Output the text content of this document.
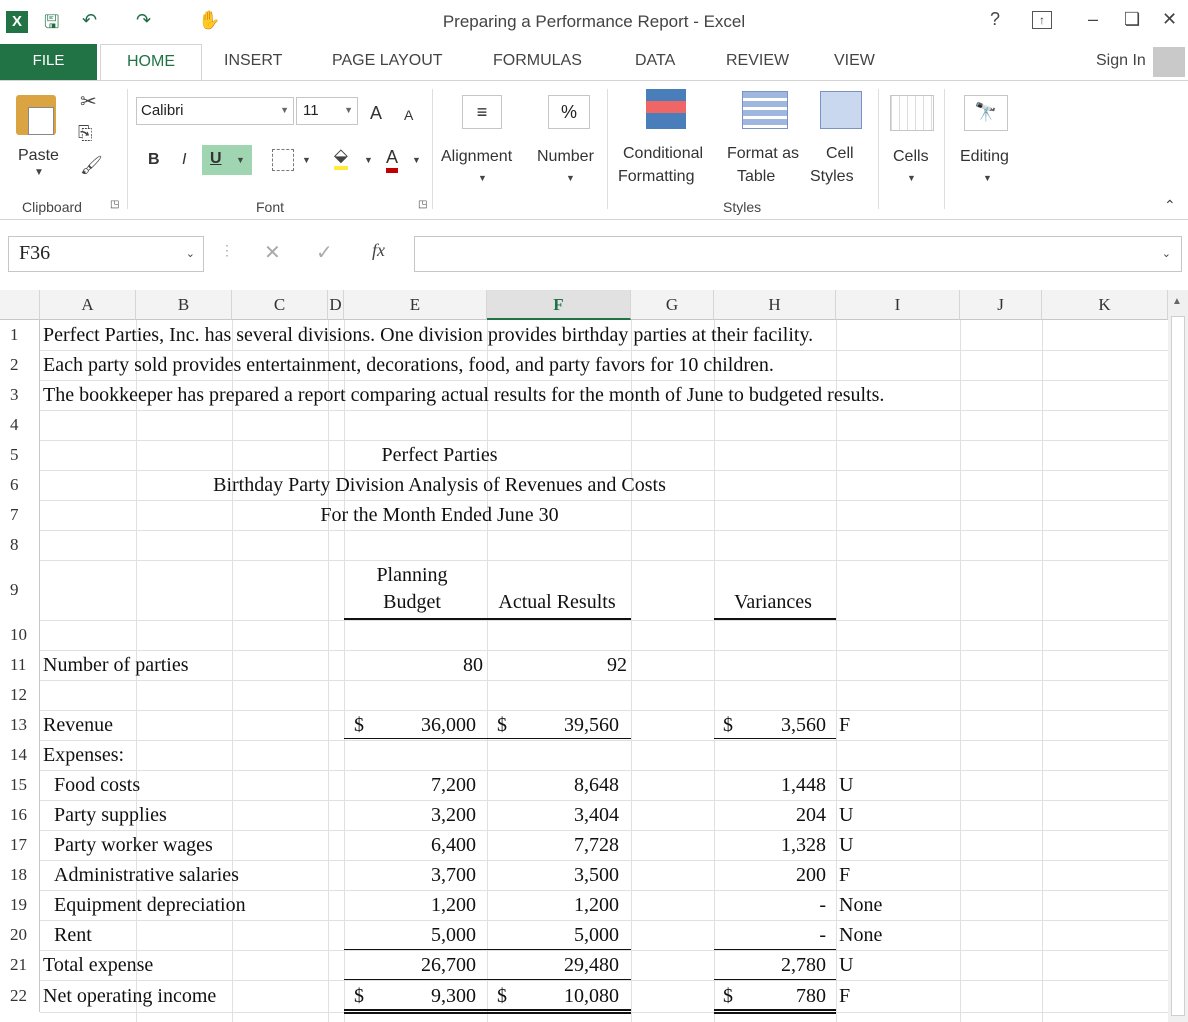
X	🖫 ↶ ↷	✋	Preparing a Performance Report - Excel	?	↑	– ❏ ✕
FILE	HOME	INSERT	PAGE LAYOUT	FORMULAS	DATA	REVIEW	VIEW	Sign In
Paste
▼
✂
⎘
🖌
Clipboard	◳
Calibri	▼ 11	▼ A A
B I U ▼	▼ ⬙ ▼ A ▼
Font	◳
≡
Alignment
▼
%
Number
▼
Conditional
Formatting
Format as
Table
Cell
Styles
Styles
Cells
▼
🔭
Editing
▼
⌃
F36	⌄ ⋮ ✕ ✓ fx	⌄
A	B	C	D	E	F	G	H	I	J	K
1
2
3
4
5
6
7
8
9
10
11
12
13
14
15
16
17
18
19
20
21
22
Perfect Parties, Inc. has several divisions. One division provides birthday parties at their facility.
Each party sold provides entertainment, decorations, food, and party favors for 10 children.
The bookkeeper has prepared a report comparing actual results for the month of June to budgeted results.
Perfect Parties
Birthday Party Division Analysis of Revenues and Costs
For the Month Ended June 30
Planning
Budget	Actual Results	Variances
Number of parties	80	92
Revenue	$	36,000 $	39,560	$	3,560 F
Expenses:
Food costs	7,200	8,648	1,448 U
Party supplies	3,200	3,404	204 U
Party worker wages	6,400	7,728	1,328 U
Administrative salaries	3,700	3,500	200 F
Equipment depreciation	1,200	1,200	- None
Rent	5,000	5,000	- None
Total expense	26,700	29,480	2,780 U
Net operating income	$	9,300 $	10,080	$	780 F
▲
